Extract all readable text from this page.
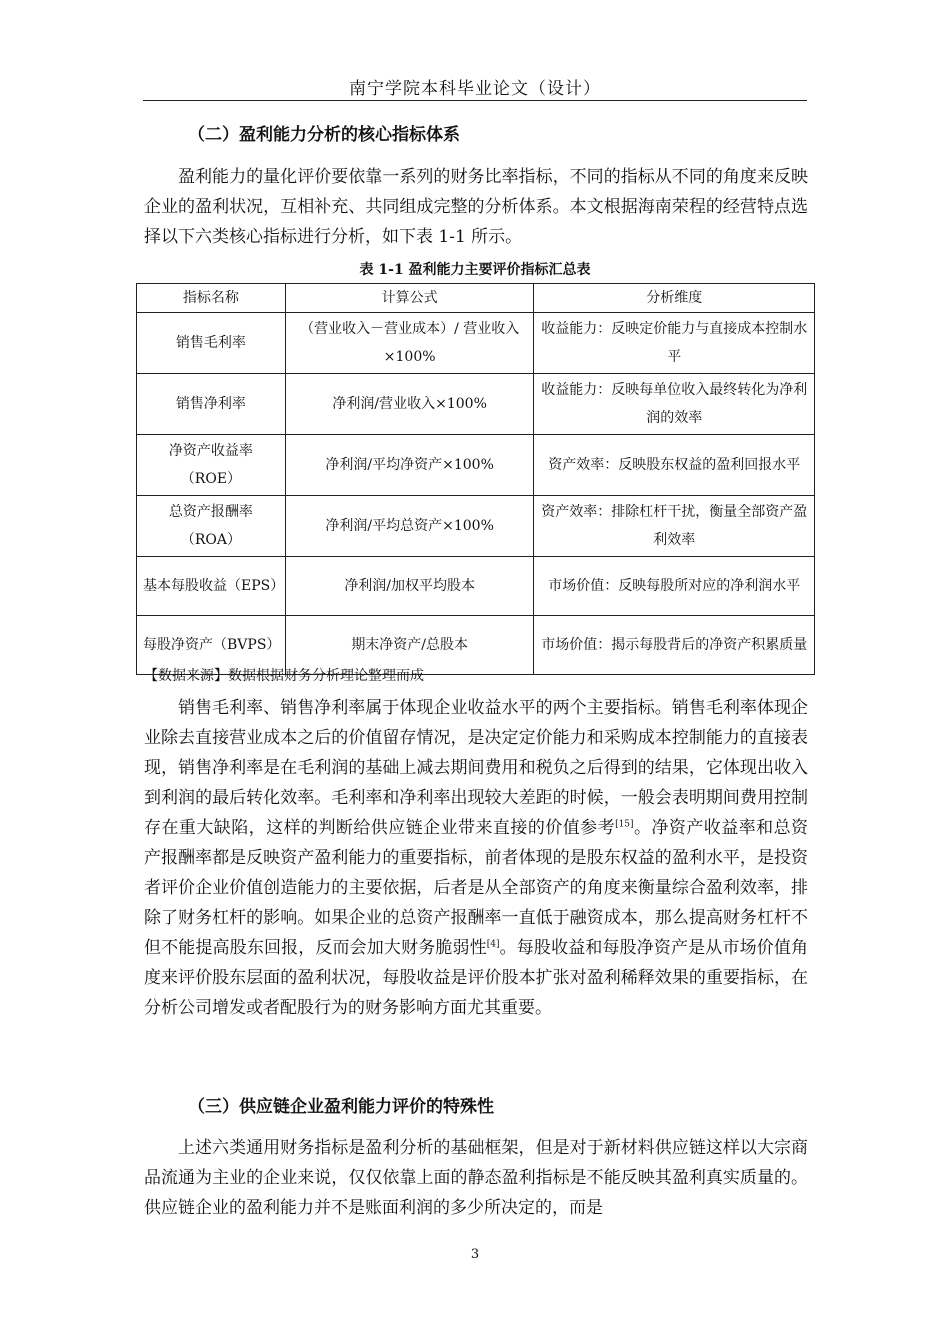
南宁学院本科毕业论文（设计）
（二）盈利能力分析的核心指标体系

盈利能力的量化评价要依靠一系列的财务比率指标，不同的指标从不同的角度来反映企业的盈利状况，互相补充、共同组成完整的分析体系。本文根据海南荣程的经营特点选择以下六类核心指标进行分析，如下表 1-1 所示。

表 1-1 盈利能力主要评价指标汇总表
指标名称	计算公式	分析维度
销售毛利率	（营业收入－营业成本）/ 营业收入×100%	收益能力：反映定价能力与直接成本控制水平
销售净利率	净利润/营业收入×100%	收益能力：反映每单位收入最终转化为净利润的效率
净资产收益率（ROE）	净利润/平均净资产×100%	资产效率：反映股东权益的盈利回报水平
总资产报酬率（ROA）	净利润/平均总资产×100%	资产效率：排除杠杆干扰，衡量全部资产盈利效率
基本每股收益（EPS）	净利润/加权平均股本	市场价值：反映每股所对应的净利润水平
每股净资产（BVPS）	期末净资产/总股本	市场价值：揭示每股背后的净资产积累质量
【数据来源】数据根据财务分析理论整理而成

销售毛利率、销售净利率属于体现企业收益水平的两个主要指标。销售毛利率体现企业除去直接营业成本之后的价值留存情况，是决定定价能力和采购成本控制能力的直接表现，销售净利率是在毛利润的基础上减去期间费用和税负之后得到的结果，它体现出收入到利润的最后转化效率。毛利率和净利率出现较大差距的时候，一般会表明期间费用控制存在重大缺陷，这样的判断给供应链企业带来直接的价值参考[15]。净资产收益率和总资产报酬率都是反映资产盈利能力的重要指标，前者体现的是股东权益的盈利水平，是投资者评价企业价值创造能力的主要依据，后者是从全部资产的角度来衡量综合盈利效率，排除了财务杠杆的影响。如果企业的总资产报酬率一直低于融资成本，那么提高财务杠杆不但不能提高股东回报，反而会加大财务脆弱性[4]。每股收益和每股净资产是从市场价值角度来评价股东层面的盈利状况，每股收益是评价股本扩张对盈利稀释效果的重要指标，在分析公司增发或者配股行为的财务影响方面尤其重要。

（三）供应链企业盈利能力评价的特殊性

上述六类通用财务指标是盈利分析的基础框架，但是对于新材料供应链这样以大宗商品流通为主业的企业来说，仅仅依靠上面的静态盈利指标是不能反映其盈利真实质量的。供应链企业的盈利能力并不是账面利润的多少所决定的，而是

3
